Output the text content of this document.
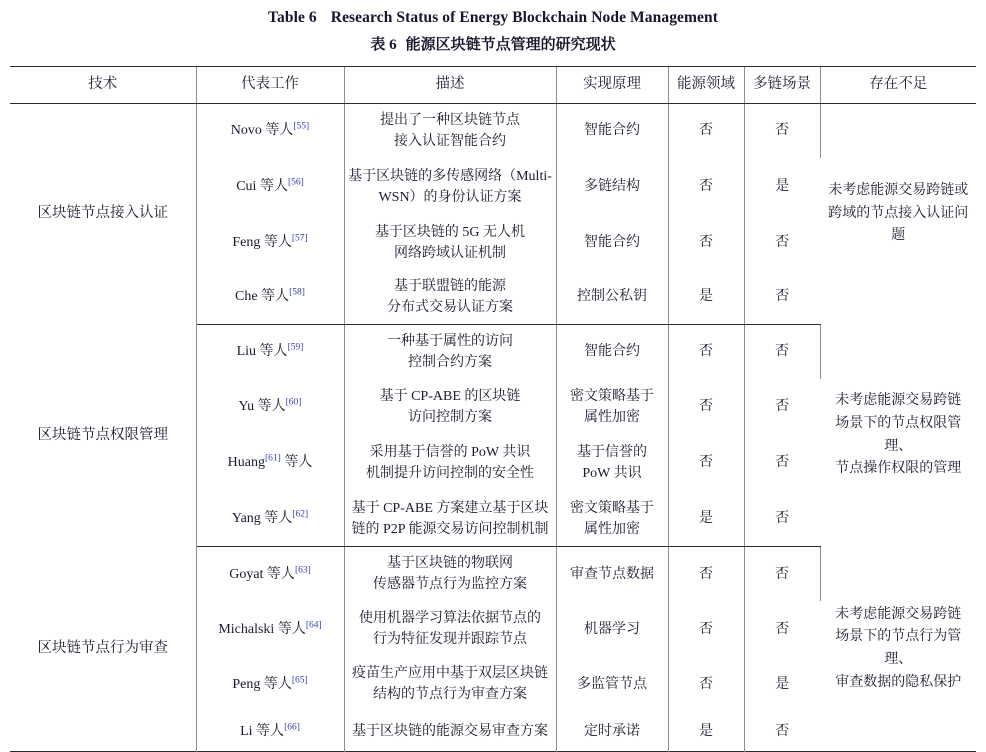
Table 6 Research Status of Energy Blockchain Node Management
表 6 能源区块链节点管理的研究现状

技术	代表工作	描述	实现原理	能源领域	多链场景	存在不足
区块链节点接入认证	Novo 等人[55]	提出了一种区块链节点
接入认证智能合约	智能合约	否	否	未考虑能源交易跨链或
跨域的节点接入认证问题
	Cui 等人[56]	基于区块链的多传感网络（Multi-
WSN）的身份认证方案	多链结构	否	是	
	Feng 等人[57]	基于区块链的 5G 无人机
网络跨域认证机制	智能合约	否	否	
	Che 等人[58]	基于联盟链的能源
分布式交易认证方案	控制公私钥	是	否	
区块链节点权限管理	Liu 等人[59]	一种基于属性的访问
控制合约方案	智能合约	否	否	未考虑能源交易跨链
场景下的节点权限管理、
节点操作权限的管理
	Yu 等人[60]	基于 CP-ABE 的区块链
访问控制方案	密文策略基于
属性加密	否	否	
	Huang[61] 等人	采用基于信誉的 PoW 共识
机制提升访问控制的安全性	基于信誉的
PoW 共识	否	否	
	Yang 等人[62]	基于 CP-ABE 方案建立基于区块
链的 P2P 能源交易访问控制机制	密文策略基于
属性加密	是	否	
区块链节点行为审查	Goyat 等人[63]	基于区块链的物联网
传感器节点行为监控方案	审查节点数据	否	否	未考虑能源交易跨链
场景下的节点行为管理、
审查数据的隐私保护
	Michalski 等人[64]	使用机器学习算法依据节点的
行为特征发现并跟踪节点	机器学习	否	否	
	Peng 等人[65]	疫苗生产应用中基于双层区块链
结构的节点行为审查方案	多监管节点	否	是	
	Li 等人[66]	基于区块链的能源交易审查方案	定时承诺	是	否	
